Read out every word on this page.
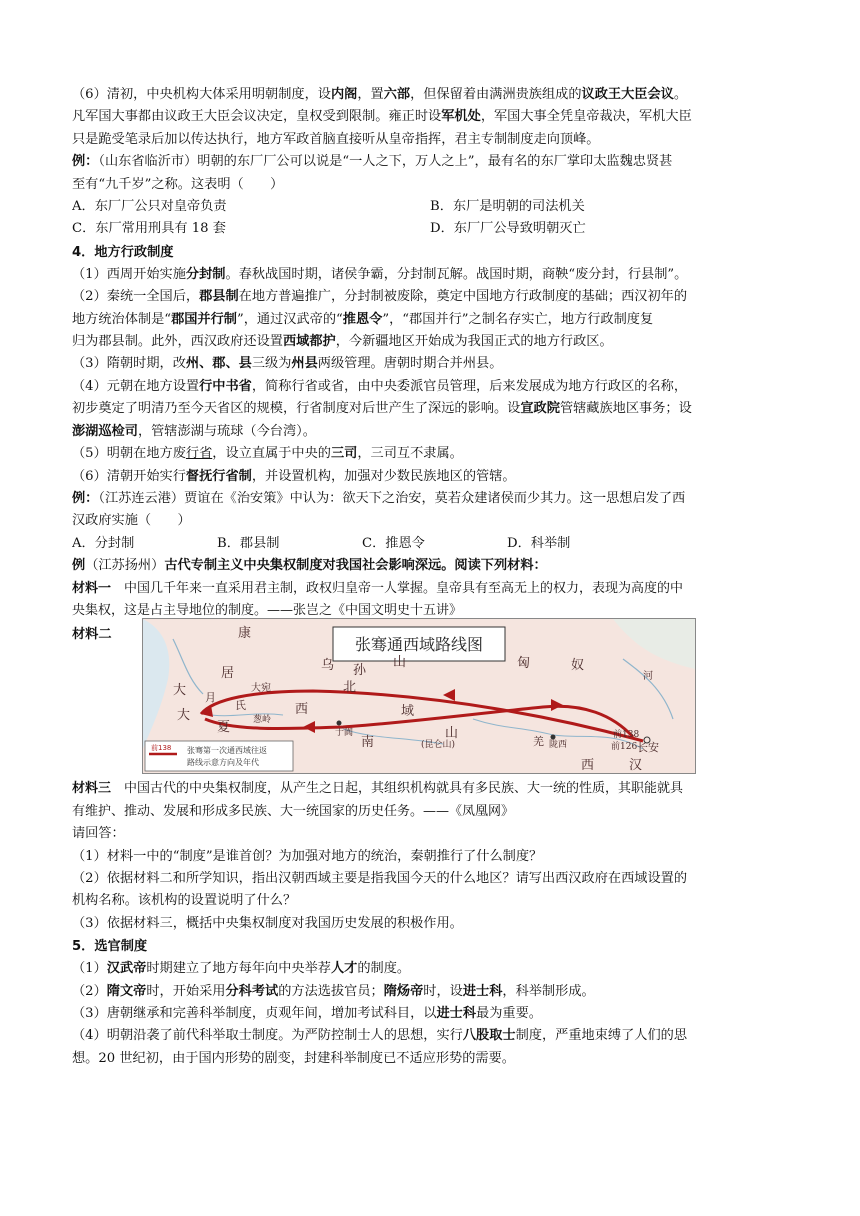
（6）清初，中央机构大体采用明朝制度，设内阁，置六部，但保留着由满洲贵族组成的议政王大臣会议。
凡军国大事都由议政王大臣会议决定，皇权受到限制。雍正时设军机处，军国大事全凭皇帝裁决，军机大臣
只是跪受笔录后加以传达执行，地方军政首脑直接听从皇帝指挥，君主专制制度走向顶峰。
例：（山东省临沂市）明朝的东厂厂公可以说是“一人之下，万人之上”，最有名的东厂掌印太监魏忠贤甚
至有“九千岁”之称。这表明（　　）
A．东厂厂公只对皇帝负责	B．东厂是明朝的司法机关
C．东厂常用刑具有 18 套	D．东厂厂公导致明朝灭亡
4．地方行政制度
（1）西周开始实施分封制。春秋战国时期，诸侯争霸，分封制瓦解。战国时期，商鞅“废分封，行县制”。
（2）秦统一全国后，郡县制在地方普遍推广，分封制被废除，奠定中国地方行政制度的基础；西汉初年的
地方统治体制是“郡国并行制”，通过汉武帝的“推恩令”，“郡国并行”之制名存实亡，地方行政制度复
归为郡县制。此外，西汉政府还设置西域都护，今新疆地区开始成为我国正式的地方行政区。
（3）隋朝时期，改州、郡、县三级为州县两级管理。唐朝时期合并州县。
（4）元朝在地方设置行中书省，简称行省或省，由中央委派官员管理，后来发展成为地方行政区的名称，
初步奠定了明清乃至今天省区的规模，行省制度对后世产生了深远的影响。设宣政院管辖藏族地区事务；设
澎湖巡检司，管辖澎湖与琉球（今台湾）。
（5）明朝在地方废行省，设立直属于中央的三司，三司互不隶属。
（6）清朝开始实行督抚行省制，并设置机构，加强对少数民族地区的管辖。
例：（江苏连云港）贾谊在《治安策》中认为：欲天下之治安，莫若众建诸侯而少其力。这一思想启发了西
汉政府实施（　　）
A．分封制	B．郡县制	C．推恩令	D．科举制
例（江苏扬州）古代专制主义中央集权制度对我国社会影响深远。阅读下列材料：
材料一　中国几千年来一直采用君主制，政权归皇帝一人掌握。皇帝具有至高无上的权力，表现为高度的中
央集权，这是占主导地位的制度。——张岂之《中国文明史十五讲》
材料二
张骞通西域路线图
康
居
乌 孙
山
北
匈	奴
西	域
南
山
(昆仑山)
大 月
氏
大
夏
大宛
葱岭
于阗
羌 陇西	长安
西	汉
前138
前126
河
前138 张骞第一次通西域往返
路线示意方向及年代
材料三　中国古代的中央集权制度，从产生之日起，其组织机构就具有多民族、大一统的性质，其职能就具
有维护、推动、发展和形成多民族、大一统国家的历史任务。——《凤凰网》
请回答：
（1）材料一中的“制度”是谁首创？为加强对地方的统治，秦朝推行了什么制度？
（2）依据材料二和所学知识，指出汉朝西域主要是指我国今天的什么地区？请写出西汉政府在西域设置的
机构名称。该机构的设置说明了什么？
（3）依据材料三，概括中央集权制度对我国历史发展的积极作用。
5．选官制度
（1）汉武帝时期建立了地方每年向中央举荐人才的制度。
（2）隋文帝时，开始采用分科考试的方法选拔官员；隋炀帝时，设进士科，科举制形成。
（3）唐朝继承和完善科举制度，贞观年间，增加考试科目，以进士科最为重要。
（4）明朝沿袭了前代科举取士制度。为严防控制士人的思想，实行八股取士制度，严重地束缚了人们的思
想。20 世纪初，由于国内形势的剧变，封建科举制度已不适应形势的需要。
